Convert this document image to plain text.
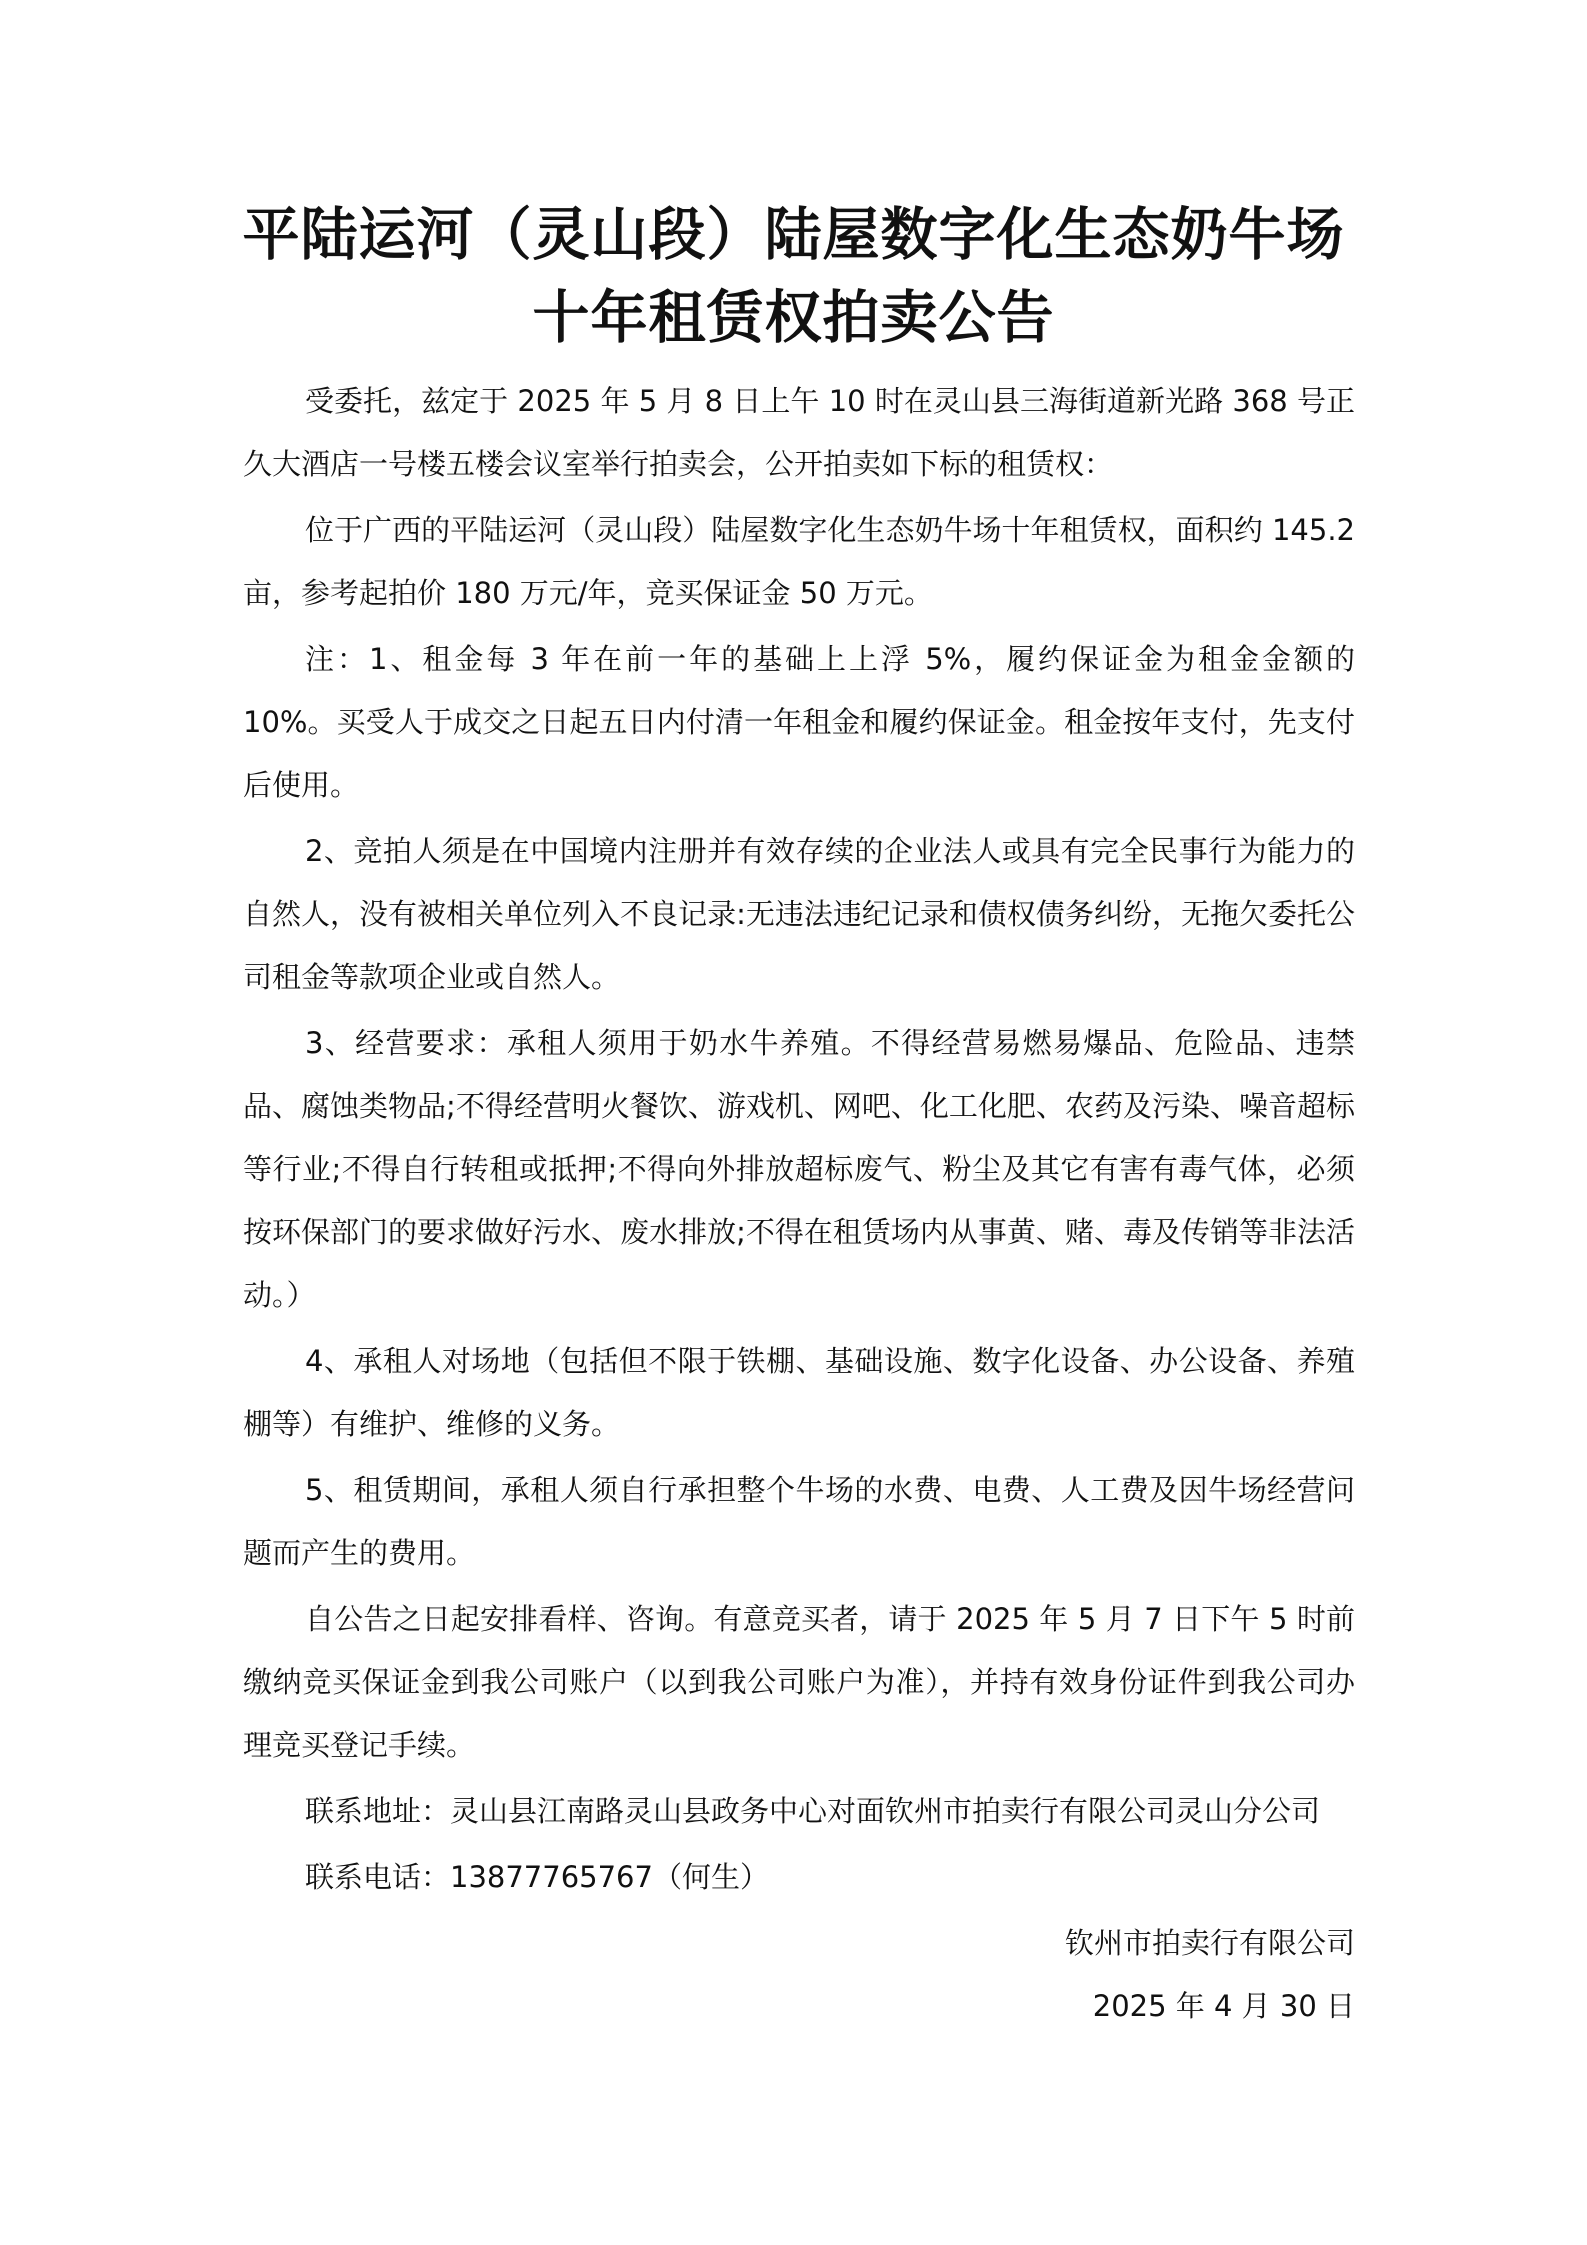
平陆运河（灵山段）陆屋数字化生态奶牛场
十年租赁权拍卖公告

受委托，兹定于 2025 年 5 月 8 日上午 10 时在灵山县三海街道新光路 368 号正久大酒店一号楼五楼会议室举行拍卖会，公开拍卖如下标的租赁权：

位于广西的平陆运河（灵山段）陆屋数字化生态奶牛场十年租赁权，面积约 145.2 亩，参考起拍价 180 万元/年，竞买保证金 50 万元。

注：1、租金每 3 年在前一年的基础上上浮 5%，履约保证金为租金金额的 10%。买受人于成交之日起五日内付清一年租金和履约保证金。租金按年支付，先支付后使用。

2、竞拍人须是在中国境内注册并有效存续的企业法人或具有完全民事行为能力的自然人，没有被相关单位列入不良记录:无违法违纪记录和债权债务纠纷，无拖欠委托公司租金等款项企业或自然人。

3、经营要求：承租人须用于奶水牛养殖。不得经营易燃易爆品、危险品、违禁品、腐蚀类物品;不得经营明火餐饮、游戏机、网吧、化工化肥、农药及污染、噪音超标等行业;不得自行转租或抵押;不得向外排放超标废气、粉尘及其它有害有毒气体，必须按环保部门的要求做好污水、废水排放;不得在租赁场内从事黄、赌、毒及传销等非法活动。）

4、承租人对场地（包括但不限于铁棚、基础设施、数字化设备、办公设备、养殖棚等）有维护、维修的义务。

5、租赁期间，承租人须自行承担整个牛场的水费、电费、人工费及因牛场经营问题而产生的费用。

自公告之日起安排看样、咨询。有意竞买者，请于 2025 年 5 月 7 日下午 5 时前缴纳竞买保证金到我公司账户（以到我公司账户为准），并持有效身份证件到我公司办理竞买登记手续。

联系地址：灵山县江南路灵山县政务中心对面钦州市拍卖行有限公司灵山分公司

联系电话：13877765767（何生）

钦州市拍卖行有限公司
2025 年 4 月 30 日
